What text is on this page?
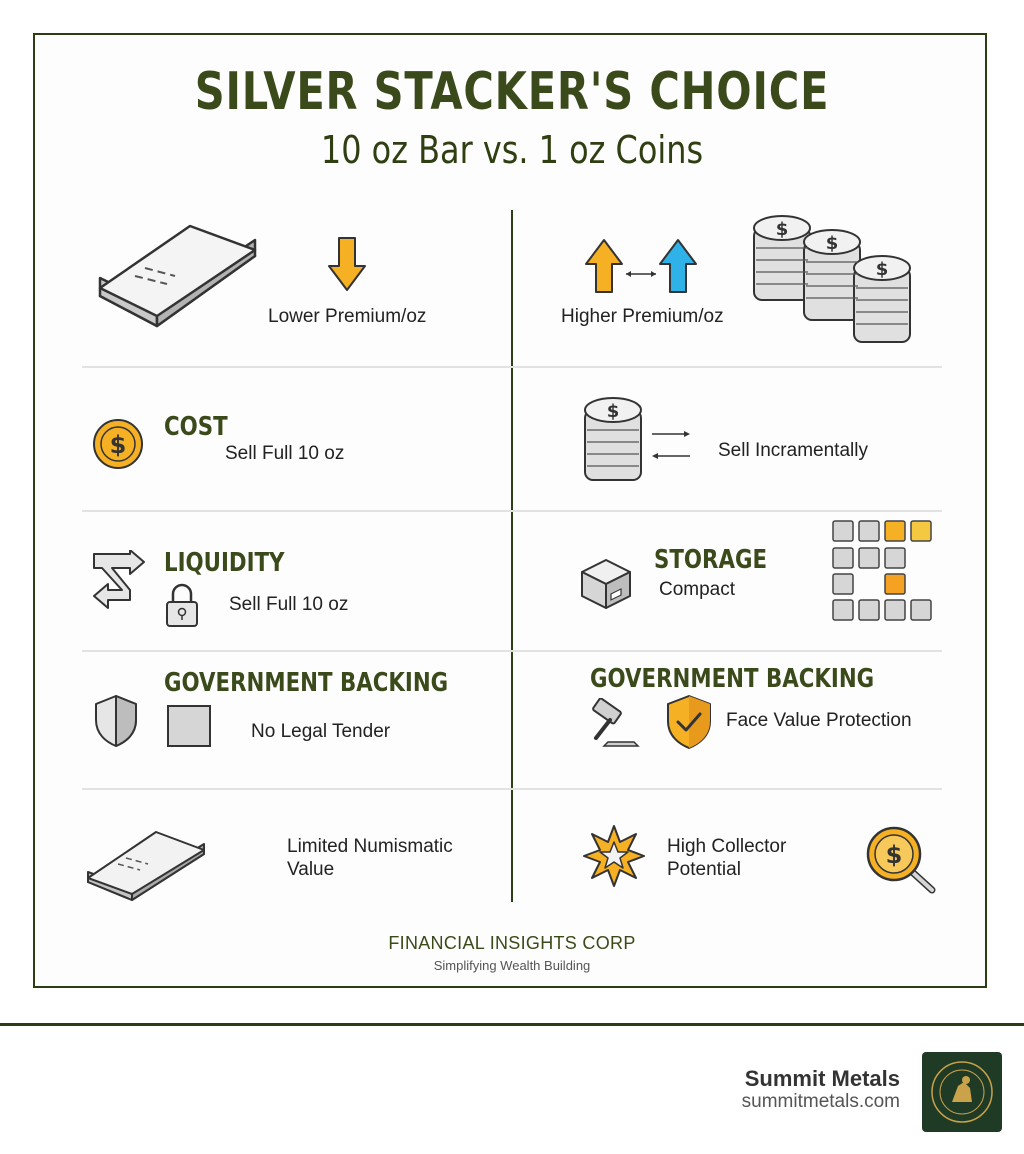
SILVER STACKER'S CHOICE
10 oz Bar vs. 1 oz Coins
Lower Premium/oz	Higher Premium/oz
$
$
$
$
COST
Sell Full 10 oz
$
Sell Incramentally
LIQUIDITY
Sell Full 10 oz
STORAGE
Compact
GOVERNMENT BACKING
No Legal Tender
GOVERNMENT BACKING
Face Value Protection
Limited Numismatic
Value
High Collector
Potential
$
FINANCIAL INSIGHTS CORP
Simplifying Wealth Building
Summit Metals
summitmetals.com
